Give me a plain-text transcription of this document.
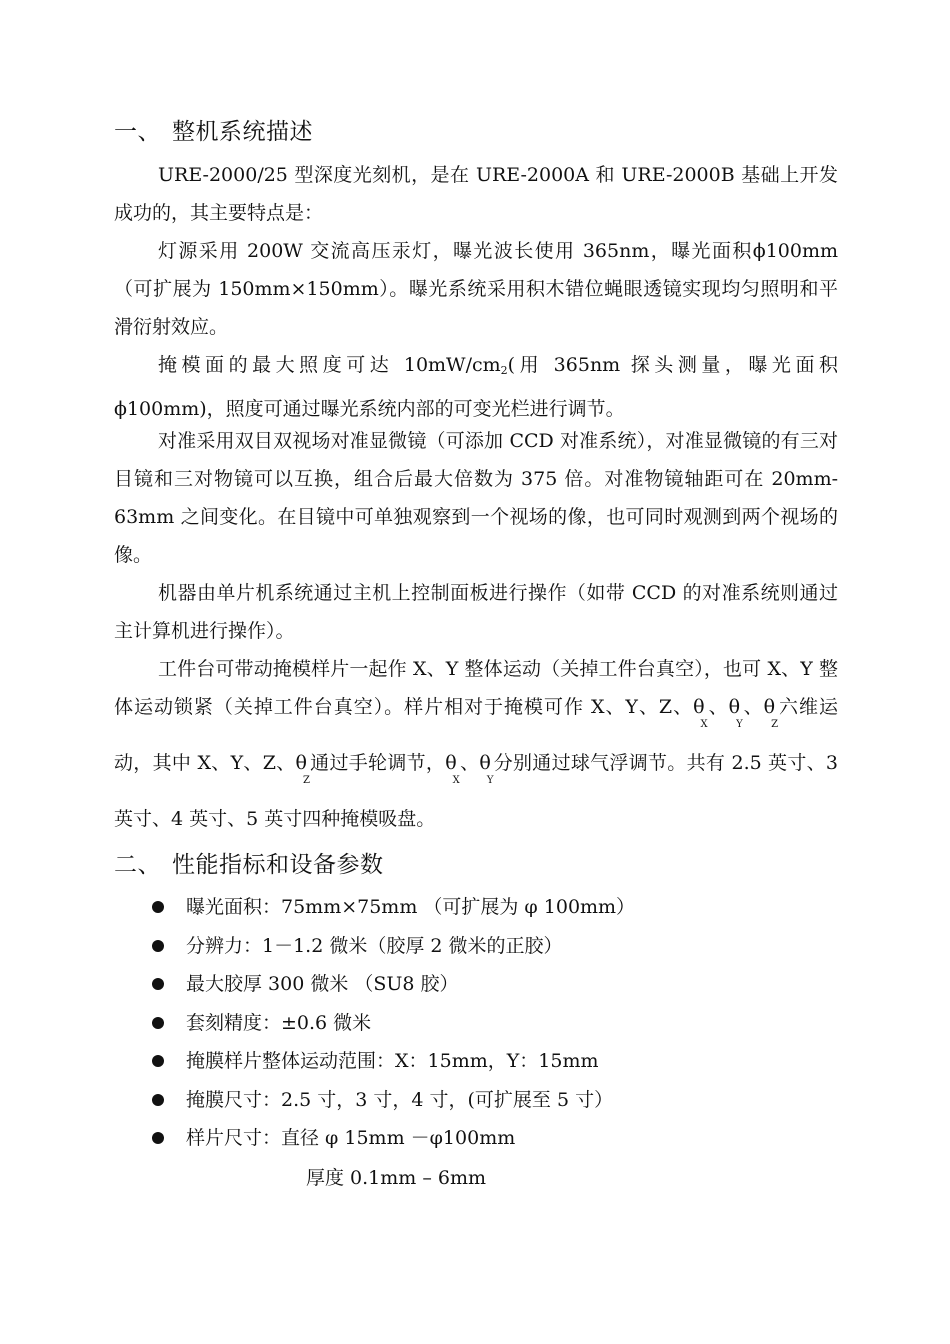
一、 整机系统描述

URE-2000/25 型深度光刻机，是在 URE-2000A 和 URE-2000B 基础上开发成功的，其主要特点是：

灯源采用 200W 交流高压汞灯，曝光波长使用 365nm，曝光面积ϕ100mm（可扩展为 150mm×150mm）。曝光系统采用积木错位蝇眼透镜实现均匀照明和平滑衍射效应。

掩模面的最大照度可达 10mW/cm2(用 365nm 探头测量，曝光面积ϕ100mm)，照度可通过曝光系统内部的可变光栏进行调节。

对准采用双目双视场对准显微镜（可添加 CCD 对准系统），对准显微镜的有三对目镜和三对物镜可以互换，组合后最大倍数为 375 倍。对准物镜轴距可在 20mm-63mm 之间变化。在目镜中可单独观察到一个视场的像，也可同时观测到两个视场的像。

机器由单片机系统通过主机上控制面板进行操作（如带 CCD 的对准系统则通过主计算机进行操作）。

工件台可带动掩模样片一起作 X、Y 整体运动（关掉工件台真空），也可 X、Y 整体运动锁紧（关掉工件台真空）。样片相对于掩模可作 X、Y、Z、$\theta_X$、$\theta_Y$、$\theta_Z$六维运动，其中 X、Y、Z、$\theta_Z$通过手轮调节，$\theta_X$、$\theta_Y$分别通过球气浮调节。共有 2.5 英寸、3 英寸、4 英寸、5 英寸四种掩模吸盘。

二、 性能指标和设备参数
曝光面积：75mm×75mm （可扩展为 φ 100mm）
分辨力：1－1.2 微米（胶厚 2 微米的正胶）
最大胶厚 300 微米 （SU8 胶）
套刻精度：±0.6 微米
掩膜样片整体运动范围：X：15mm，Y：15mm
掩膜尺寸：2.5 寸，3 寸，4 寸，(可扩展至 5 寸）
样片尺寸：直径 φ 15mm －φ100mm
厚度 0.1mm – 6mm
